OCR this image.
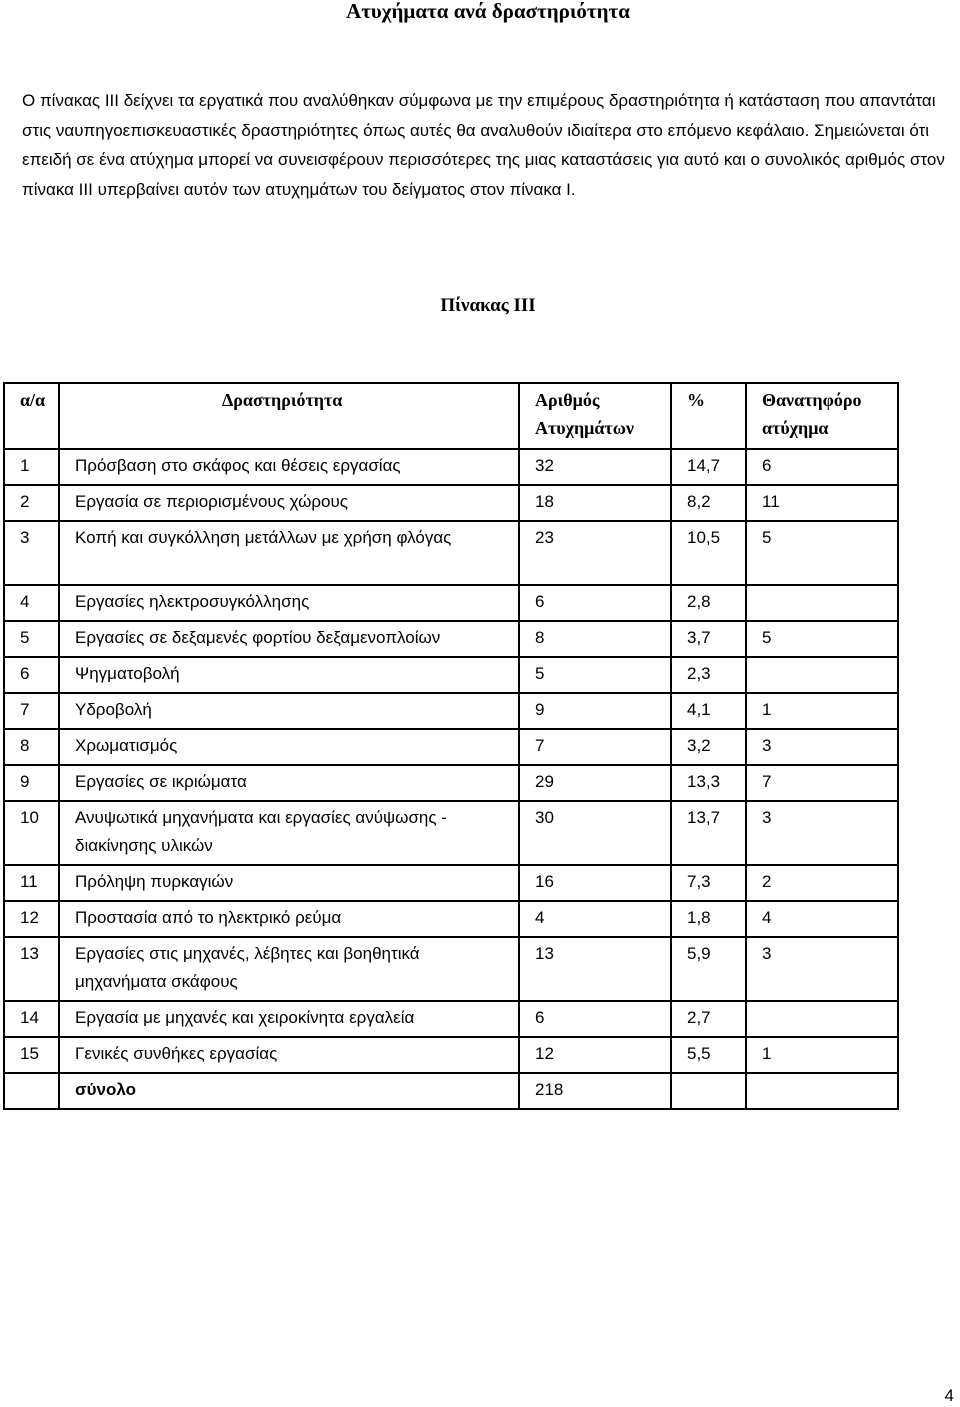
Ατυχήματα ανά δραστηριότητα

Ο πίνακας ΙΙΙ δείχνει τα εργατικά που αναλύθηκαν σύμφωνα με την επιμέρους δραστηριότητα ή κατάσταση που απαντάται στις ναυπηγοεπισκευαστικές δραστηριότητες όπως αυτές θα αναλυθούν ιδιαίτερα στο επόμενο κεφάλαιο. Σημειώνεται ότι επειδή σε ένα ατύχημα μπορεί να συνεισφέρουν περισσότερες της μιας καταστάσεις για αυτό και ο συνολικός αριθμός στον πίνακα ΙΙΙ υπερβαίνει αυτόν των ατυχημάτων του δείγματος στον πίνακα Ι.

Πίνακας ΙΙΙ
α/α	Δραστηριότητα	Αριθμός Ατυχημάτων	%	Θανατηφόρο ατύχημα
1	Πρόσβαση στο σκάφος και θέσεις εργασίας	32	14,7	6
2	Εργασία σε περιορισμένους χώρους	18	8,2	11
3	Κοπή και συγκόλληση μετάλλων με χρήση φλόγας	23	10,5	5
4	Εργασίες ηλεκτροσυγκόλλησης	6	2,8	
5	Εργασίες σε δεξαμενές φορτίου δεξαμενοπλοίων	8	3,7	5
6	Ψηγματοβολή	5	2,3	
7	Υδροβολή	9	4,1	1
8	Χρωματισμός	7	3,2	3
9	Εργασίες σε ικριώματα	29	13,3	7
10	Ανυψωτικά μηχανήματα και εργασίες ανύψωσης - διακίνησης υλικών	30	13,7	3
11	Πρόληψη πυρκαγιών	16	7,3	2
12	Προστασία από το ηλεκτρικό ρεύμα	4	1,8	4
13	Εργασίες στις μηχανές, λέβητες και βοηθητικά μηχανήματα σκάφους	13	5,9	3
14	Εργασία με μηχανές και χειροκίνητα εργαλεία	6	2,7	
15	Γενικές συνθήκες εργασίας	12	5,5	1
	σύνολο	218		
4
